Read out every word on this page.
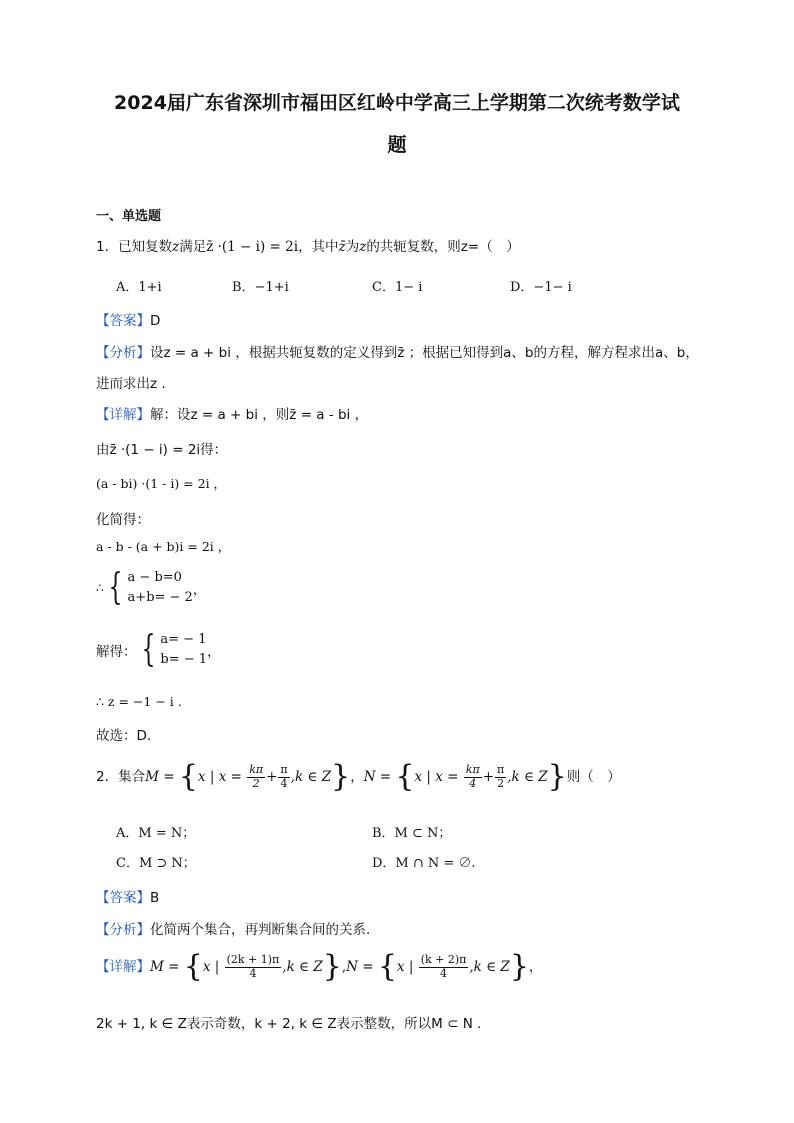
2024届广东省深圳市福田区红岭中学高三上学期第二次统考数学试
题
一、单选题
1．已知复数z满足z̄ ·(1 − i) = 2i，其中z̄为z的共轭复数，则z=（　）
A．1+i	B．−1+i	C．1− i	D．−1− i
【答案】D
【分析】设z = a + bi ，根据共轭复数的定义得到z̄ ；根据已知得到a、b的方程，解方程求出a、b，
进而求出z .
【详解】解：设z = a + bi ，则z̄ = a - bi ，
由z̄ ·(1 − i) = 2i得：
(a - bi) ·(1 - i) = 2i ，
化简得：
a - b - (a + b)i = 2i ，
∴ { a − b=0
a+b= − 2 ，
解得： { a= − 1
b= − 1 ，
∴ z = −1 − i .
故选：D.
2．集合M = {x | $x = \frac{k\pi}{2} + \frac{\pi}{4} ,k$ ∈ Z}，N = {x | $x = \frac{k\pi}{4} + \frac{\pi}{2} ,k$ ∈ Z}则（　）
A．M = N；	B．M ⊂ N；
C．M ⊃ N；	D．M ∩ N = ∅.
【答案】B
【分析】化简两个集合，再判断集合间的关系.
【详解】M = {x | $\frac{(2k + 1)\pi}{4} ,k$ ∈ Z},N = {x | $\frac{(k + 2)\pi}{4} ,k$ ∈ Z}，
2k + 1, k ∈ Z表示奇数，k + 2, k ∈ Z表示整数，所以M ⊂ N .
